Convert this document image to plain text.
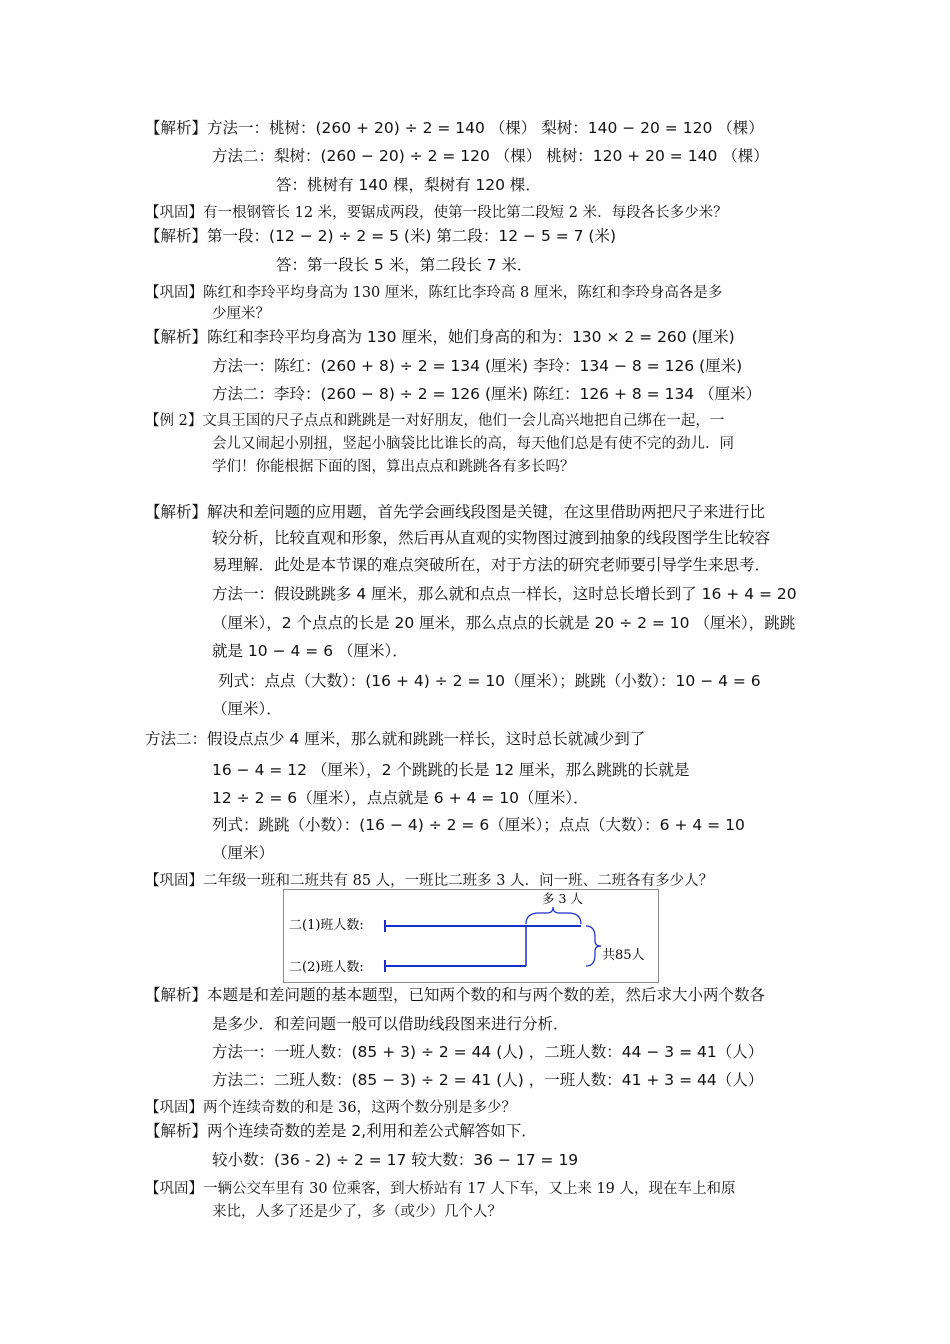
【解析】方法一：桃树：(260 + 20) ÷ 2 = 140 （棵） 梨树：140 − 20 = 120 （棵）
方法二：梨树：(260 − 20) ÷ 2 = 120 （棵） 桃树：120 + 20 = 140 （棵）
答：桃树有 140 棵，梨树有 120 棵．
【巩固】有一根钢管长 12 米，要锯成两段，使第一段比第二段短 2 米．每段各长多少米？
【解析】第一段：(12 − 2) ÷ 2 = 5 (米) 第二段：12 − 5 = 7 (米)
答：第一段长 5 米，第二段长 7 米．
【巩固】陈红和李玲平均身高为 130 厘米，陈红比李玲高 8 厘米，陈红和李玲身高各是多
少厘米？
【解析】陈红和李玲平均身高为 130 厘米，她们身高的和为：130 × 2 = 260 (厘米)
方法一：陈红：(260 + 8) ÷ 2 = 134 (厘米) 李玲：134 − 8 = 126 (厘米)
方法二：李玲：(260 − 8) ÷ 2 = 126 (厘米) 陈红：126 + 8 = 134 （厘米）
【例 2】文具王国的尺子点点和跳跳是一对好朋友，他们一会儿高兴地把自己绑在一起，一
会儿又闹起小别扭，竖起小脑袋比比谁长的高，每天他们总是有使不完的劲儿．同
学们！你能根据下面的图，算出点点和跳跳各有多长吗？
【解析】解决和差问题的应用题，首先学会画线段图是关键，在这里借助两把尺子来进行比
较分析，比较直观和形象，然后再从直观的实物图过渡到抽象的线段图学生比较容
易理解．此处是本节课的难点突破所在，对于方法的研究老师要引导学生来思考．
方法一：假设跳跳多 4 厘米，那么就和点点一样长，这时总长增长到了 16 + 4 = 20
（厘米），2 个点点的长是 20 厘米，那么点点的长就是 20 ÷ 2 = 10 （厘米），跳跳
就是 10 − 4 = 6 （厘米）．
列式：点点（大数）：(16 + 4) ÷ 2 = 10（厘米）；跳跳（小数）：10 − 4 = 6
（厘米）．
方法二：假设点点少 4 厘米，那么就和跳跳一样长，这时总长就减少到了
16 − 4 = 12 （厘米），2 个跳跳的长是 12 厘米，那么跳跳的长就是
12 ÷ 2 = 6（厘米），点点就是 6 + 4 = 10（厘米）．
列式：跳跳（小数）：(16 − 4) ÷ 2 = 6（厘米）；点点（大数）：6 + 4 = 10
（厘米）
【巩固】二年级一班和二班共有 85 人，一班比二班多 3 人．问一班、二班各有多少人？
二(1)班人数:
二(2)班人数:
多 3 人
共85人
【解析】本题是和差问题的基本题型，已知两个数的和与两个数的差，然后求大小两个数各
是多少．和差问题一般可以借助线段图来进行分析．
方法一：一班人数：(85 + 3) ÷ 2 = 44 (人) ，二班人数：44 − 3 = 41（人）
方法二：二班人数：(85 − 3) ÷ 2 = 41 (人) ，一班人数：41 + 3 = 44（人）
【巩固】两个连续奇数的和是 36，这两个数分别是多少？
【解析】两个连续奇数的差是 2,利用和差公式解答如下．
较小数：(36 - 2) ÷ 2 = 17 较大数：36 − 17 = 19
【巩固】一辆公交车里有 30 位乘客，到大桥站有 17 人下车，又上来 19 人，现在车上和原
来比，人多了还是少了，多（或少）几个人？
